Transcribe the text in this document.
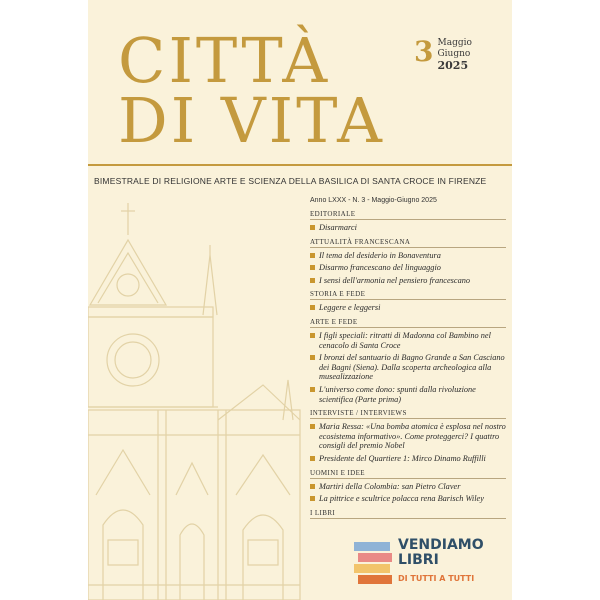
CITTÀ
DI VITA
3 Maggio
Giugno
2025
BIMESTRALE DI RELIGIONE ARTE E SCIENZA DELLA BASILICA DI SANTA CROCE IN FIRENZE
Anno LXXX - N. 3 - Maggio-Giugno 2025
EDITORIALE
Disarmarci
ATTUALITÀ FRANCESCANA
Il tema del desiderio in Bonaventura
Disarmo francescano del linguaggio
I sensi dell'armonia nel pensiero francescano
STORIA E FEDE
Leggere e leggersi
ARTE E FEDE
I figli speciali: ritratti di Madonna col Bambino nel cenacolo di Santa Croce
I bronzi del santuario di Bagno Grande a San Casciano dei Bagni (Siena). Dalla scoperta archeologica alla musealizzazione
L'universo come dono: spunti dalla rivoluzione scientifica (Parte prima)
INTERVISTE / INTERVIEWS
Maria Ressa: «Una bomba atomica è esplosa nel nostro ecosistema informativo». Come proteggerci? I quattro consigli del premio Nobel
Presidente del Quartiere 1: Mirco Dinamo Ruffilli
UOMINI E IDEE
Martiri della Colombia: san Pietro Claver
La pittrice e scultrice polacca rena Barisch Wiley
I LIBRI
VENDIAMO
LIBRI
DI TUTTI A TUTTI
